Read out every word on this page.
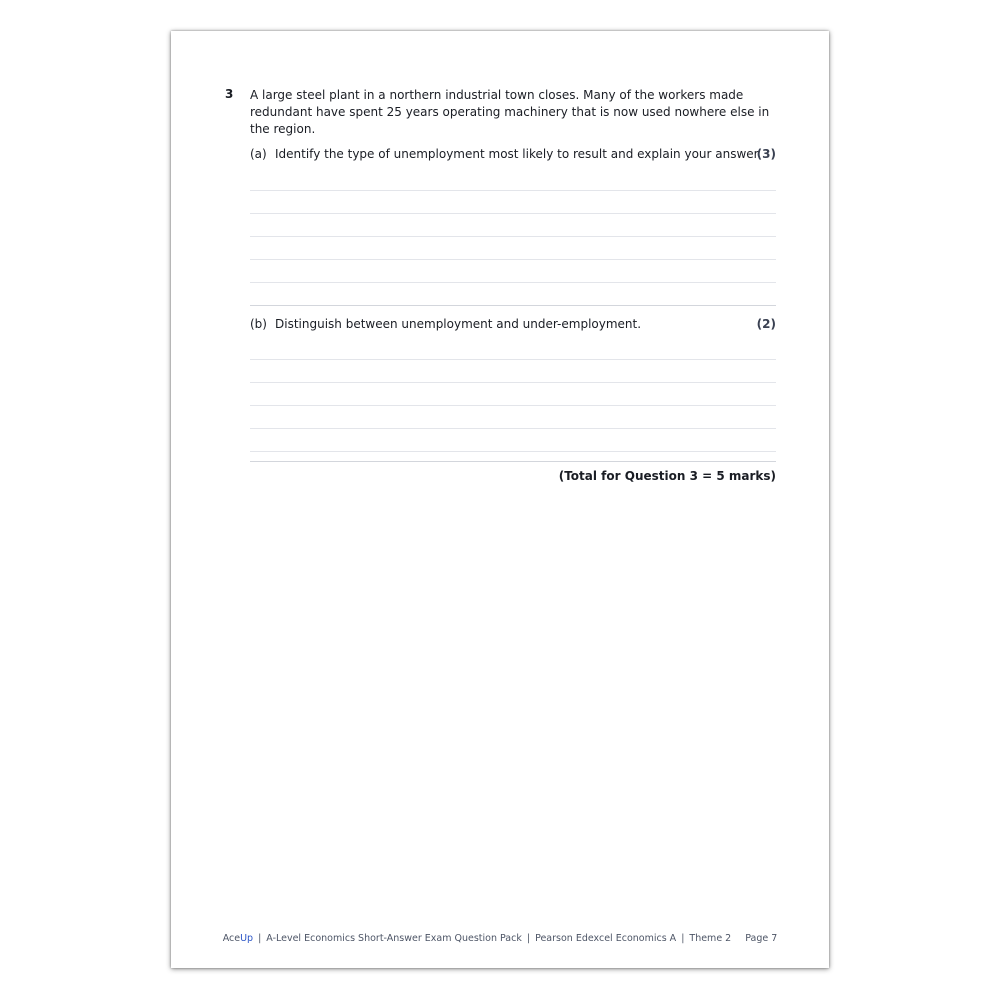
3 A large steel plant in a northern industrial town closes. Many of the workers made redundant have spent 25 years operating machinery that is now used nowhere else in the region.
(a) Identify the type of unemployment most likely to result and explain your answer.
(3)
(b) Distinguish between unemployment and under-employment.	(2)
(Total for Question 3 = 5 marks)
AceUp | A-Level Economics Short-Answer Exam Question Pack | Pearson Edexcel Economics A | Theme 2 Page 7
